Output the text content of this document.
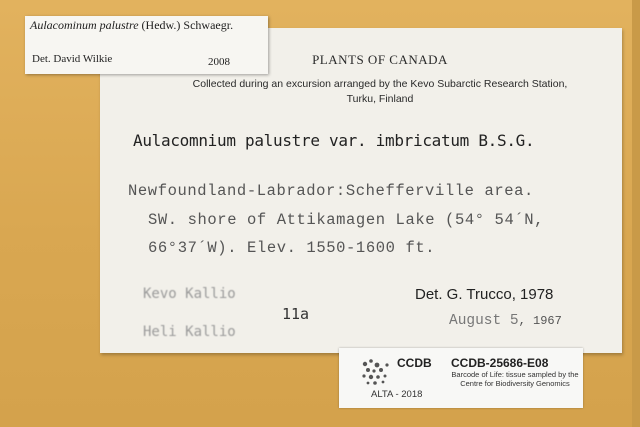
Aulacominum palustre (Hedw.) Schwaegr.
Det. David Wilkie	2008	PLANTS OF CANADA
Collected during an excursion arranged by the Kevo Subarctic Research Station,
Turku, Finland
Aulacomnium palustre var. imbricatum B.S.G.
Newfoundland-Labrador:Schefferville area.
SW. shore of Attikamagen Lake (54° 54´N,
66°37´W). Elev. 1550-1600 ft.
Kevo Kallio
Heli Kallio
11a
Det. G. Trucco, 1978
August 5, 1967
CCDB
ALTA - 2018
CCDB-25686-E08
Barcode of Life: tissue sampled by the Centre for Biodiversity Genomics
